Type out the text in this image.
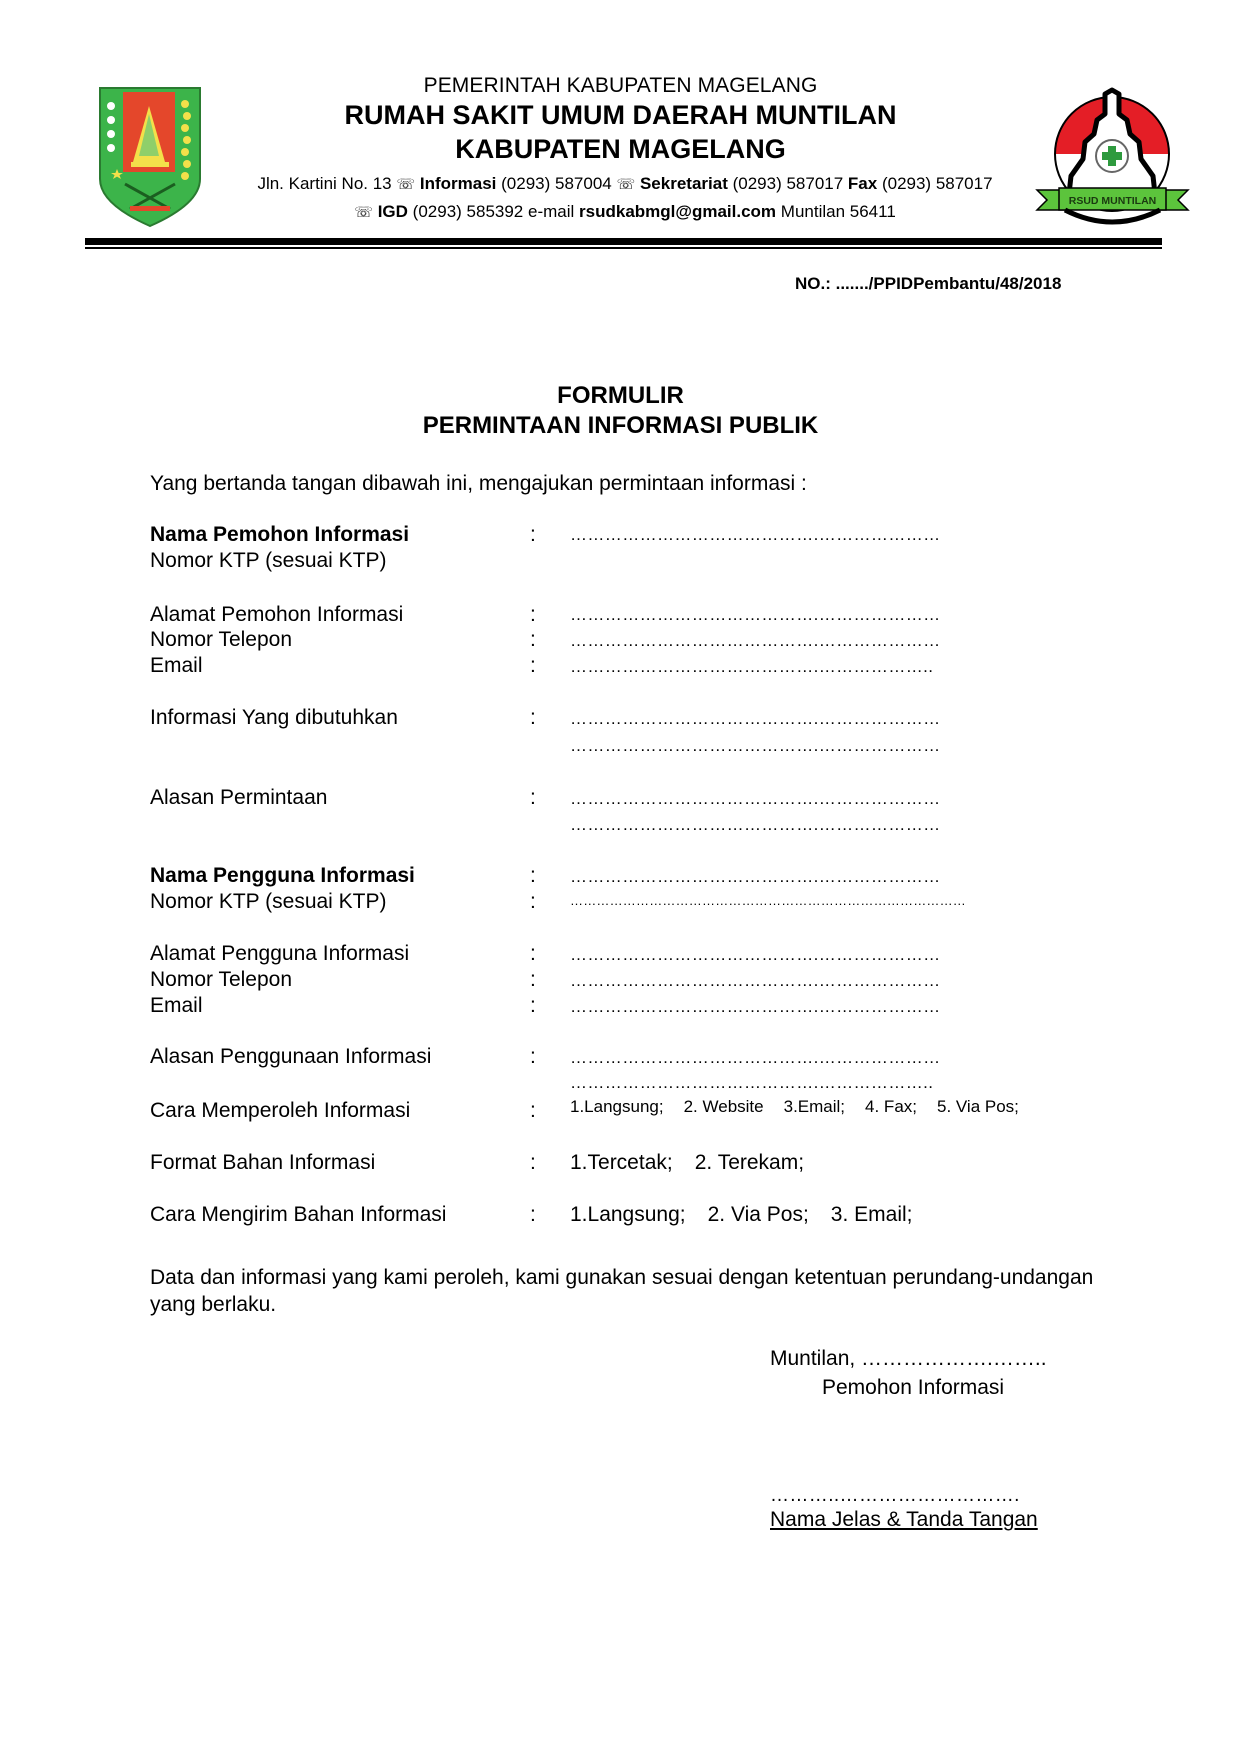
RSUD MUNTILAN
PEMERINTAH KABUPATEN MAGELANG
RUMAH SAKIT UMUM DAERAH MUNTILAN
KABUPATEN MAGELANG
Jln. Kartini No. 13 ☏ Informasi (0293) 587004 ☏ Sekretariat (0293) 587017 Fax (0293) 587017
☏ IGD (0293) 585392 e-mail rsudkabmgl@gmail.com Muntilan 56411
NO.: ......./PPIDPembantu/48/2018
FORMULIR
PERMINTAAN INFORMASI PUBLIK
Yang bertanda tangan dibawah ini, mengajukan permintaan informasi :
Nama Pemohon Informasi	: …………………………………….…………………
Nomor KTP (sesuai KTP)
Alamat Pemohon Informasi	: …………………………………….…………………
Nomor Telepon	: …………………………………….…………………
Email	: …………………………………….………………..
Informasi Yang dibutuhkan	: …………………………………….…………………
…………………………………….…………………
Alasan Permintaan	: …………………………………….…………………
…………………………………….…………………
Nama Pengguna Informasi	: …………………………………….…………………
Nomor KTP (sesuai KTP)	:	………………………………………………………………………………
Alamat Pengguna Informasi	: …………………………………….…………………
Nomor Telepon	: …………………………………….…………………
Email	: …………………………………….…………………
Alasan Penggunaan Informasi	: …………………………………….…………………
…………………………………….………………..
Cara Memperoleh Informasi	: 1.Langsung; 2. Website 3.Email; 4. Fax; 5. Via Pos;
Format Bahan Informasi	: 1.Tercetak; 2. Terekam;
Cara Mengirim Bahan Informasi	: 1.Langsung; 2. Via Pos; 3. Email;
Data dan informasi yang kami peroleh, kami gunakan sesuai dengan ketentuan perundang-undangan yang berlaku.
Muntilan, ……………….……..
Pemohon Informasi
………..……………………….
Nama Jelas & Tanda Tangan
